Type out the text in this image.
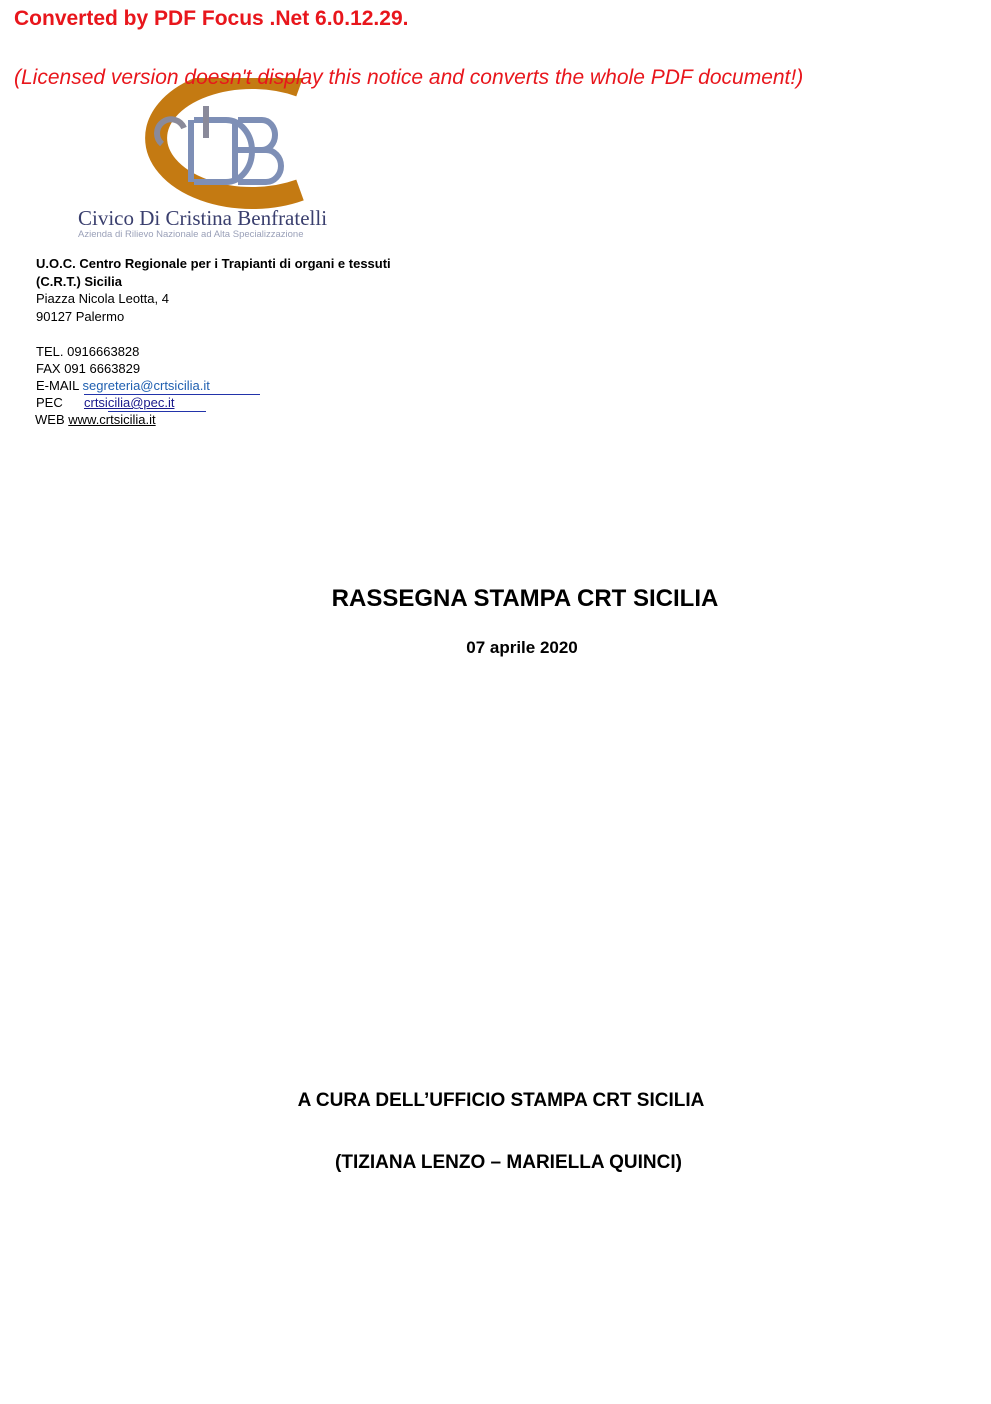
Converted by PDF Focus .Net 6.0.12.29.
(Licensed version doesn't display this notice and converts the whole PDF document!)
Civico Di Cristina Benfratelli
Azienda di Rilievo Nazionale ad Alta Specializzazione
U.O.C. Centro Regionale per i Trapianti di organi e tessuti
(C.R.T.) Sicilia
Piazza Nicola Leotta, 4
90127 Palermo
TEL. 0916663828
FAX 091 6663829
E-MAIL segreteria@crtsicilia.it
PEC crtsicilia@pec.it
WEB www.crtsicilia.it
RASSEGNA STAMPA CRT SICILIA
07 aprile 2020
A CURA DELL’UFFICIO STAMPA CRT SICILIA
(TIZIANA LENZO – MARIELLA QUINCI)
